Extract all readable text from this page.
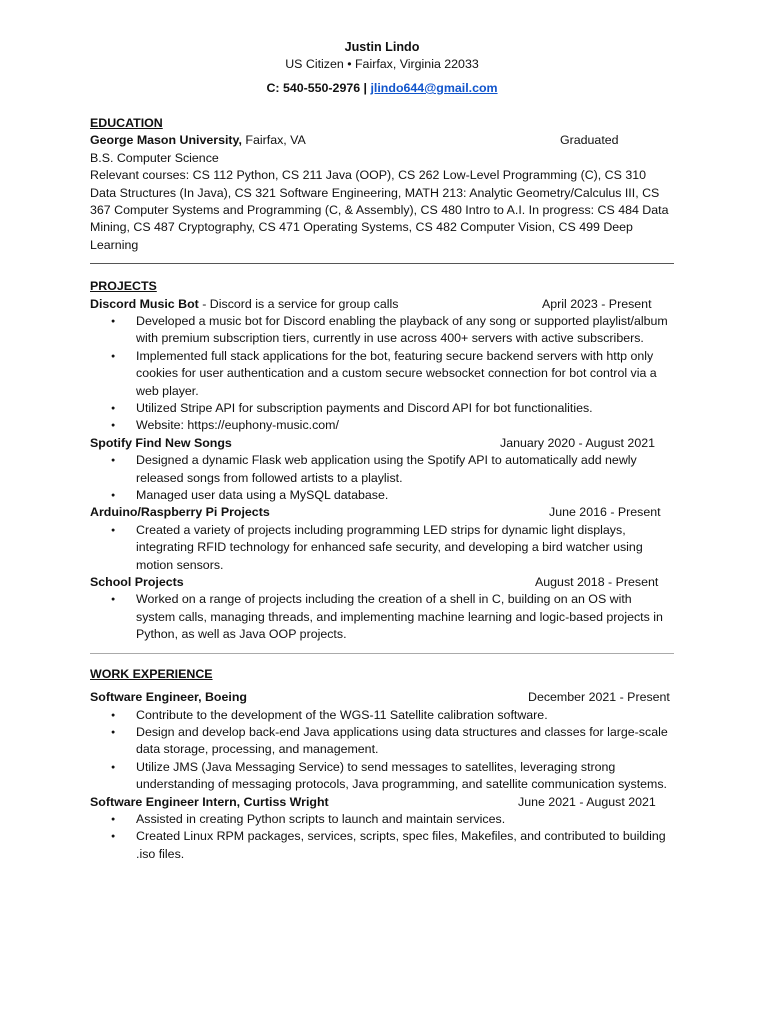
Justin Lindo
US Citizen • Fairfax, Virginia 22033
C: 540-550-2976 | jlindo644@gmail.com
EDUCATION
George Mason University, Fairfax, VA	Graduated

B.S. Computer Science

Relevant courses: CS 112 Python, CS 211 Java (OOP), CS 262 Low-Level Programming (C), CS 310 Data Structures (In Java), CS 321 Software Engineering, MATH 213: Analytic Geometry/Calculus III, CS 367 Computer Systems and Programming (C, & Assembly), CS 480 Intro to A.I. In progress: CS 484 Data Mining, CS 487 Cryptography, CS 471 Operating Systems, CS 482 Computer Vision, CS 499 Deep Learning

PROJECTS
Discord Music Bot - Discord is a service for group calls	April 2023 - Present
● Developed a music bot for Discord enabling the playback of any song or supported playlist/album with premium subscription tiers, currently in use across 400+ servers with active subscribers.
● Implemented full stack applications for the bot, featuring secure backend servers with http only cookies for user authentication and a custom secure websocket connection for bot control via a web player.
● Utilized Stripe API for subscription payments and Discord API for bot functionalities.
● Website: https://euphony-music.com/
Spotify Find New Songs	January 2020 - August 2021
● Designed a dynamic Flask web application using the Spotify API to automatically add newly released songs from followed artists to a playlist.
● Managed user data using a MySQL database.
Arduino/Raspberry Pi Projects	June 2016 - Present
● Created a variety of projects including programming LED strips for dynamic light displays, integrating RFID technology for enhanced safe security, and developing a bird watcher using motion sensors.
School Projects	August 2018 - Present
● Worked on a range of projects including the creation of a shell in C, building on an OS with system calls, managing threads, and implementing machine learning and logic-based projects in Python, as well as Java OOP projects.
WORK EXPERIENCE
Software Engineer, Boeing	December 2021 - Present
● Contribute to the development of the WGS-11 Satellite calibration software.
● Design and develop back-end Java applications using data structures and classes for large-scale data storage, processing, and management.
● Utilize JMS (Java Messaging Service) to send messages to satellites, leveraging strong understanding of messaging protocols, Java programming, and satellite communication systems.
Software Engineer Intern, Curtiss Wright	June 2021 - August 2021
● Assisted in creating Python scripts to launch and maintain services.
● Created Linux RPM packages, services, scripts, spec files, Makefiles, and contributed to building .iso files.
